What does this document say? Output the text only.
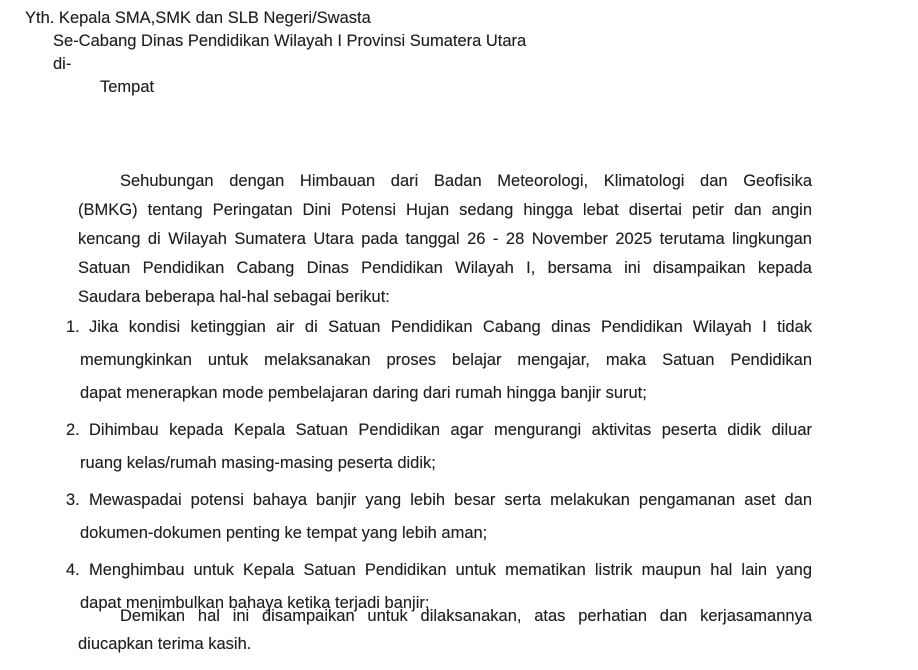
Yth. Kepala SMA,SMK dan SLB Negeri/Swasta
Se-Cabang Dinas Pendidikan Wilayah I Provinsi Sumatera Utara
di-
Tempat
Sehubungan dengan Himbauan dari Badan Meteorologi, Klimatologi dan Geofisika
(BMKG) tentang Peringatan Dini Potensi Hujan sedang hingga lebat disertai petir dan angin
kencang di Wilayah Sumatera Utara pada tanggal 26 - 28 November 2025 terutama lingkungan
Satuan Pendidikan Cabang Dinas Pendidikan Wilayah I, bersama ini disampaikan kepada
Saudara beberapa hal-hal sebagai berikut:
1. Jika kondisi ketinggian air di Satuan Pendidikan Cabang dinas Pendidikan Wilayah I tidak
memungkinkan untuk melaksanakan proses belajar mengajar, maka Satuan Pendidikan
dapat menerapkan mode pembelajaran daring dari rumah hingga banjir surut;
2. Dihimbau kepada Kepala Satuan Pendidikan agar mengurangi aktivitas peserta didik diluar
ruang kelas/rumah masing-masing peserta didik;
3. Mewaspadai potensi bahaya banjir yang lebih besar serta melakukan pengamanan aset dan
dokumen-dokumen penting ke tempat yang lebih aman;
4. Menghimbau untuk Kepala Satuan Pendidikan untuk mematikan listrik maupun hal lain yang
dapat menimbulkan bahaya ketika terjadi banjir;
Demikan hal ini disampaikan untuk dilaksanakan, atas perhatian dan kerjasamannya
diucapkan terima kasih.
